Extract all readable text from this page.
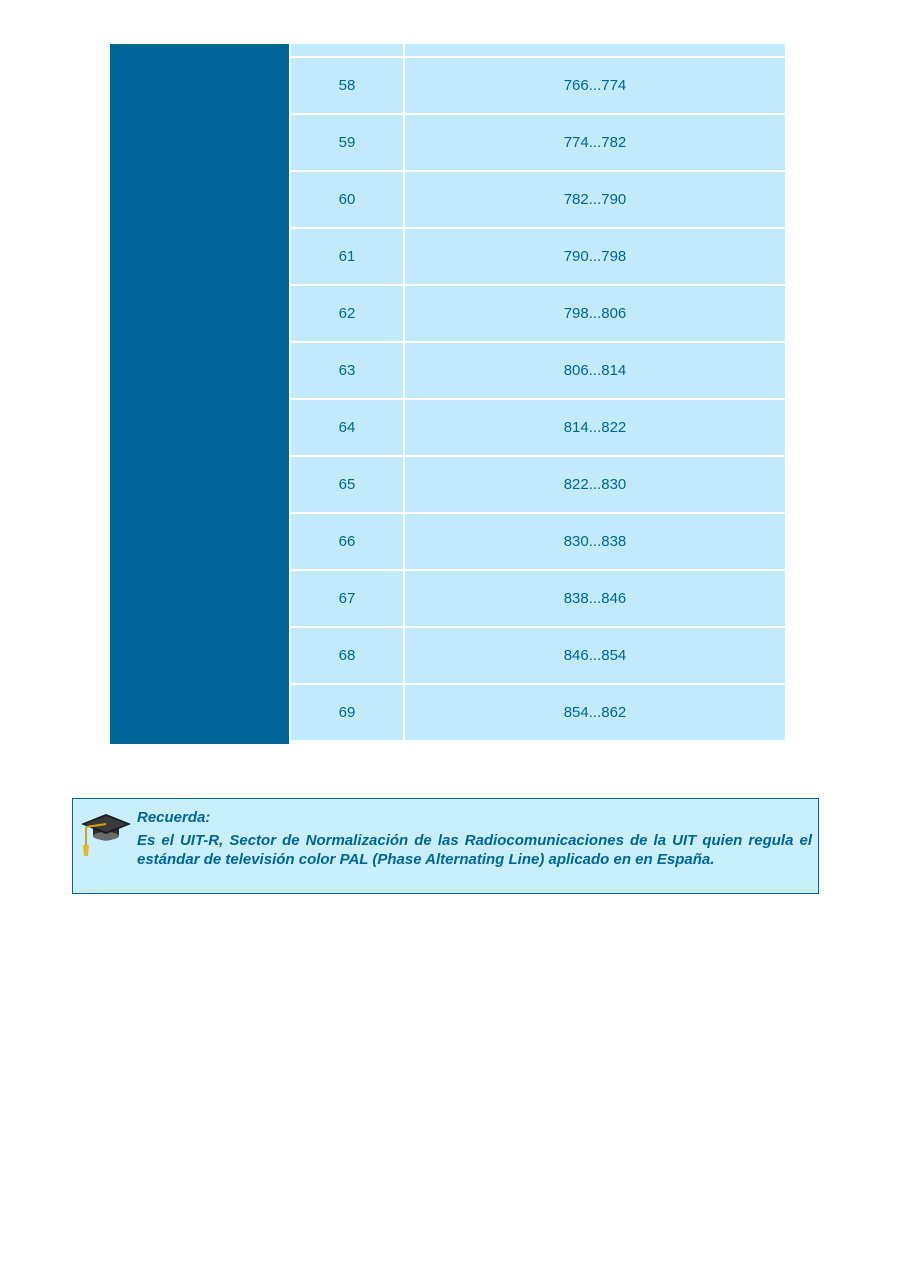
58	766...774
59	774...782
60	782...790
61	790...798
62	798...806
63	806...814
64	814...822
65	822...830
66	830...838
67	838...846
68	846...854
69	854...862
Recuerda:
Es el UIT-R, Sector de Normalización de las Radiocomunicaciones de la UIT quien regula el estándar de televisión color PAL (Phase Alternating Line) aplicado en en España.
